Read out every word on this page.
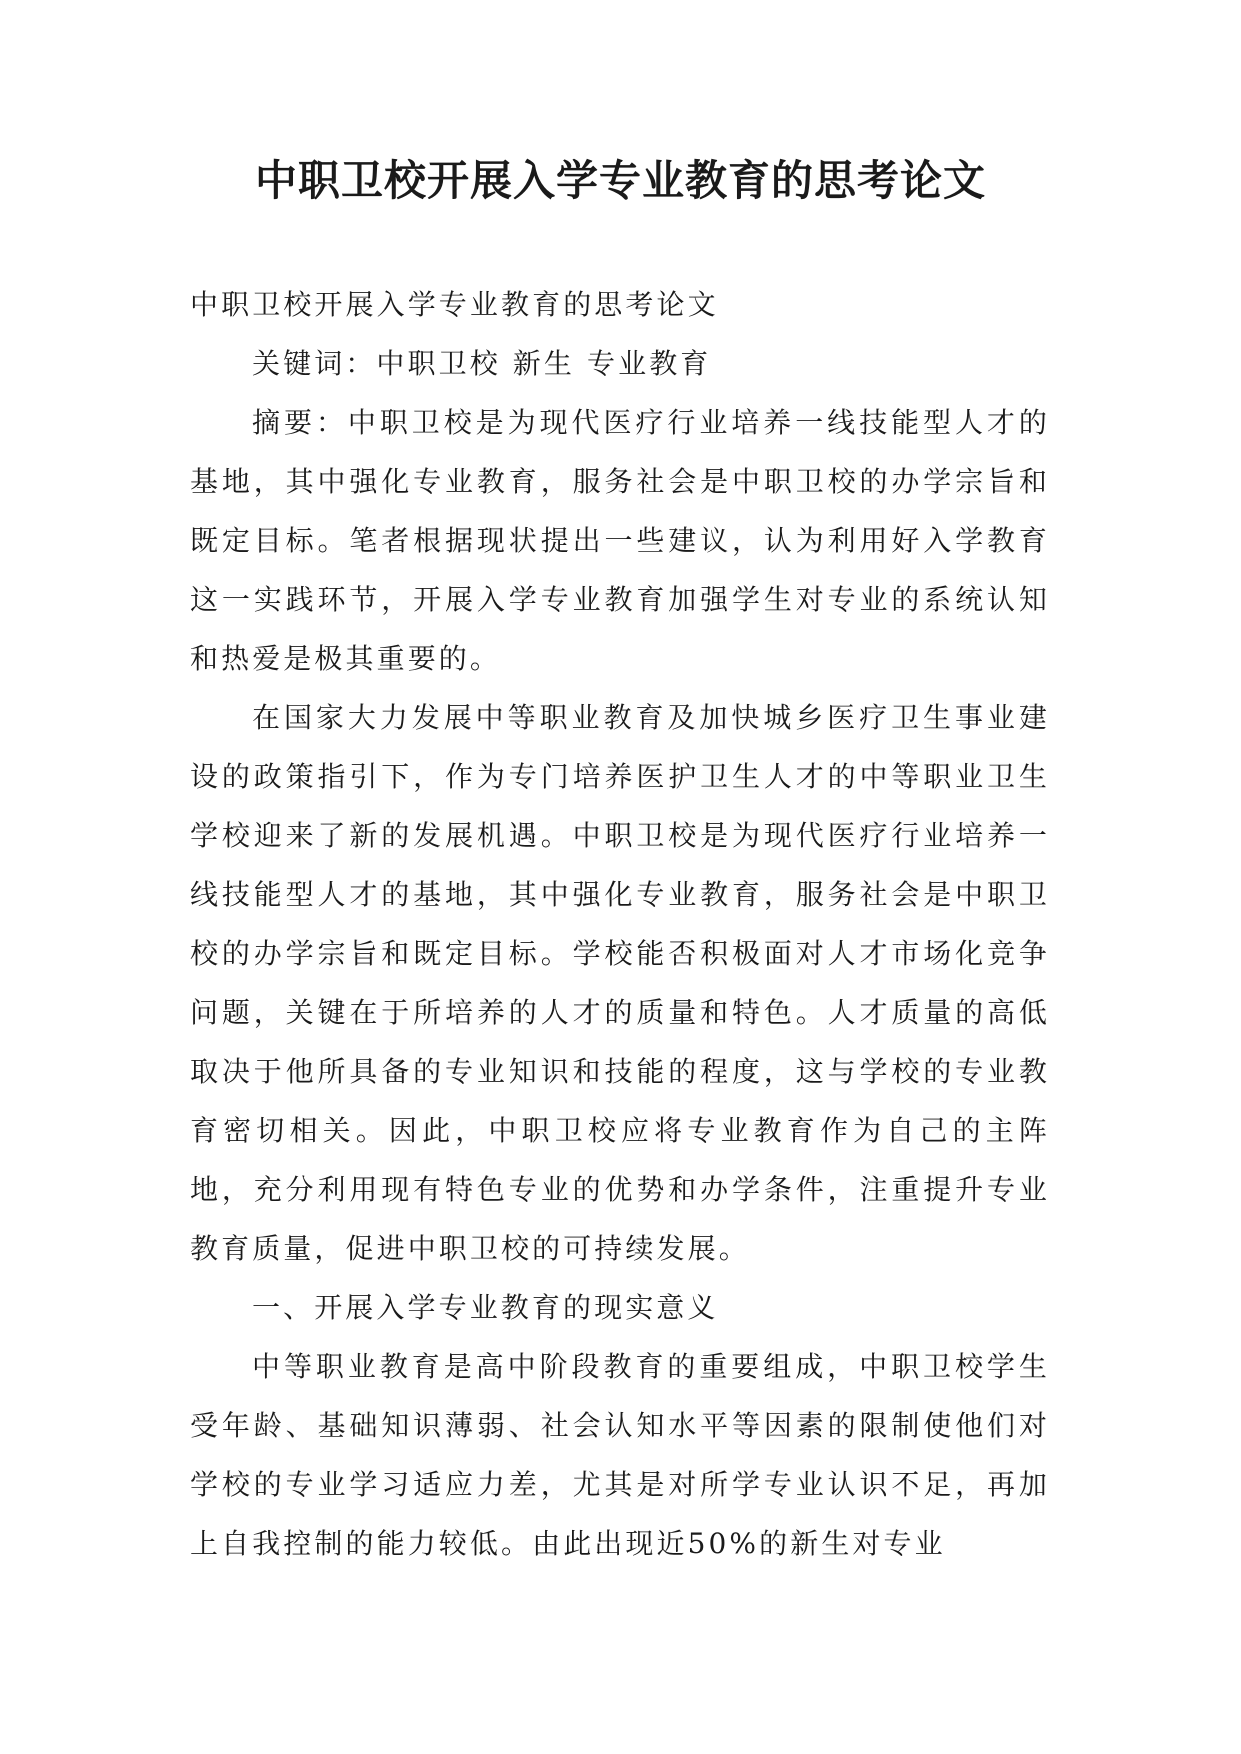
中职卫校开展入学专业教育的思考论文

中职卫校开展入学专业教育的思考论文

关键词：中职卫校 新生 专业教育

摘要：中职卫校是为现代医疗行业培养一线技能型人才的基地，其中强化专业教育，服务社会是中职卫校的办学宗旨和既定目标。笔者根据现状提出一些建议，认为利用好入学教育这一实践环节，开展入学专业教育加强学生对专业的系统认知和热爱是极其重要的。

在国家大力发展中等职业教育及加快城乡医疗卫生事业建设的政策指引下，作为专门培养医护卫生人才的中等职业卫生学校迎来了新的发展机遇。中职卫校是为现代医疗行业培养一线技能型人才的基地，其中强化专业教育，服务社会是中职卫校的办学宗旨和既定目标。学校能否积极面对人才市场化竞争问题，关键在于所培养的人才的质量和特色。人才质量的高低取决于他所具备的专业知识和技能的程度，这与学校的专业教育密切相关。因此，中职卫校应将专业教育作为自己的主阵地，充分利用现有特色专业的优势和办学条件，注重提升专业教育质量，促进中职卫校的可持续发展。

一、开展入学专业教育的现实意义

中等职业教育是高中阶段教育的重要组成，中职卫校学生受年龄、基础知识薄弱、社会认知水平等因素的限制使他们对学校的专业学习适应力差，尤其是对所学专业认识不足，再加上自我控制的能力较低。由此出现近50%的新生对专业
